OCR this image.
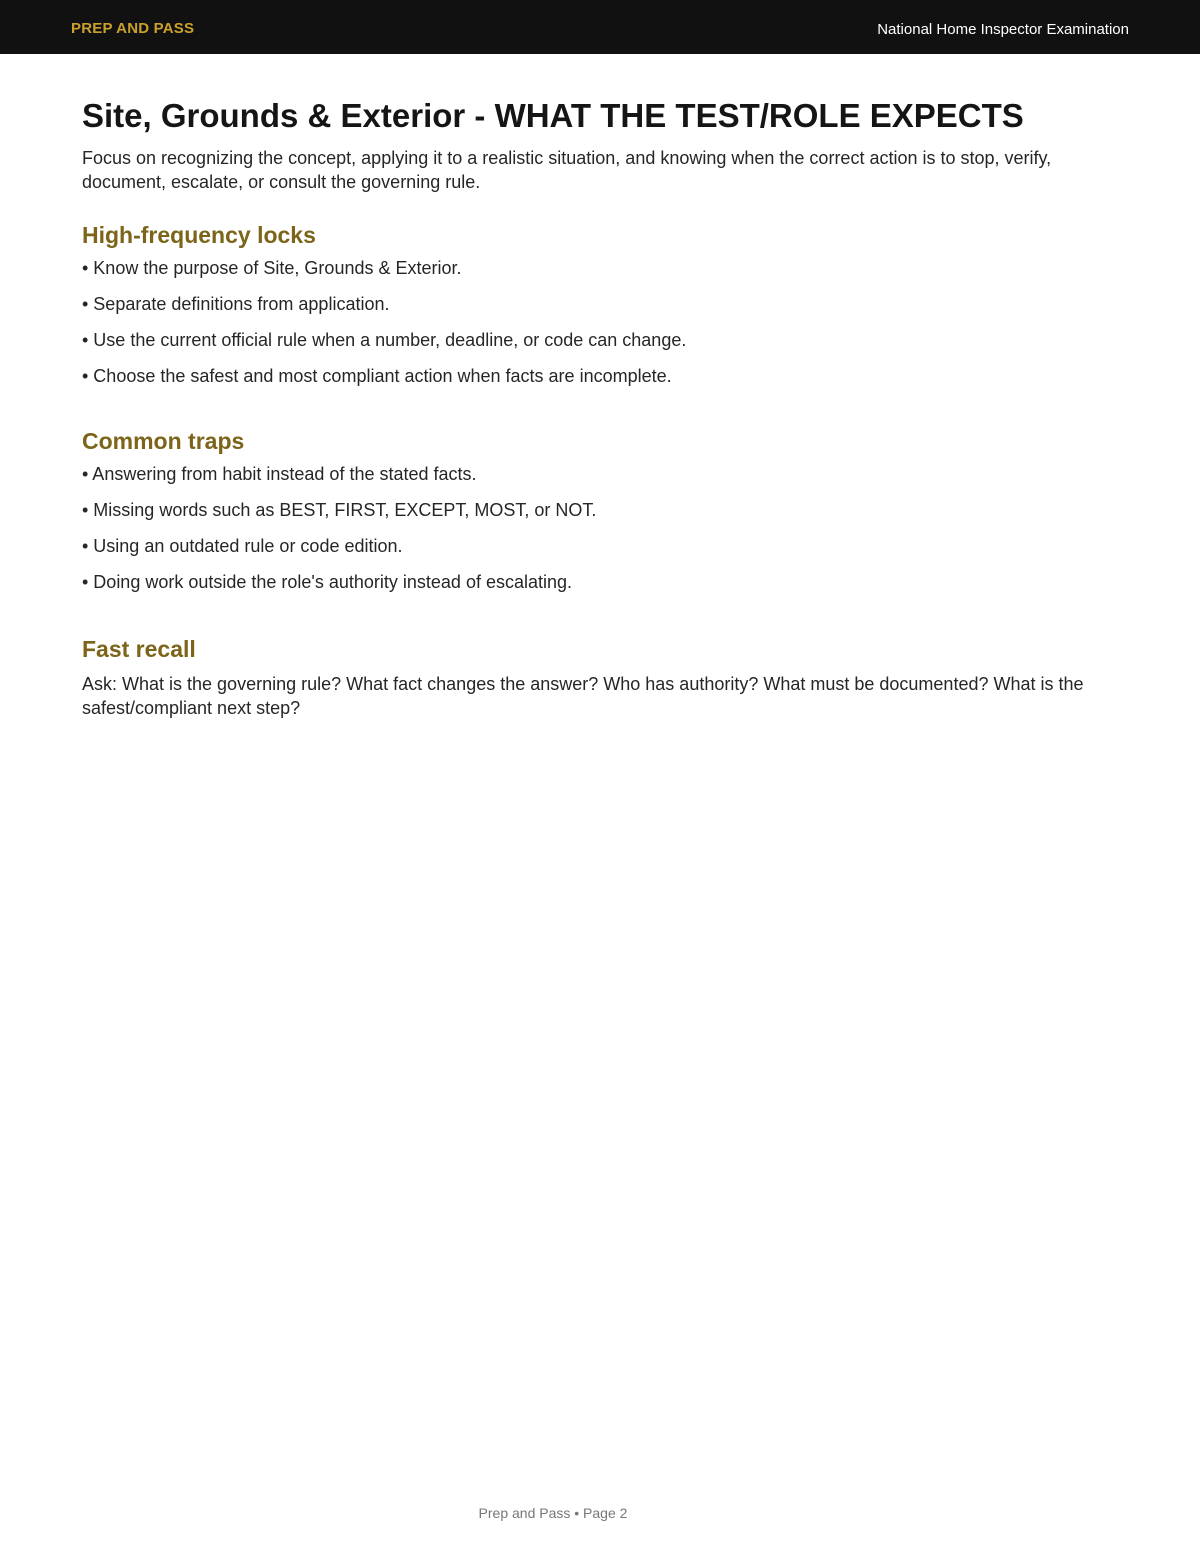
PREP AND PASS	National Home Inspector Examination
Site, Grounds & Exterior - WHAT THE TEST/ROLE EXPECTS

Focus on recognizing the concept, applying it to a realistic situation, and knowing when the correct action is to stop, verify, document, escalate, or consult the governing rule.

High-frequency locks
• Know the purpose of Site, Grounds & Exterior.
• Separate definitions from application.
• Use the current official rule when a number, deadline, or code can change.
• Choose the safest and most compliant action when facts are incomplete.
Common traps
• Answering from habit instead of the stated facts.
• Missing words such as BEST, FIRST, EXCEPT, MOST, or NOT.
• Using an outdated rule or code edition.
• Doing work outside the role's authority instead of escalating.
Fast recall

Ask: What is the governing rule? What fact changes the answer? Who has authority? What must be documented? What is the safest/compliant next step?

Prep and Pass • Page 2
